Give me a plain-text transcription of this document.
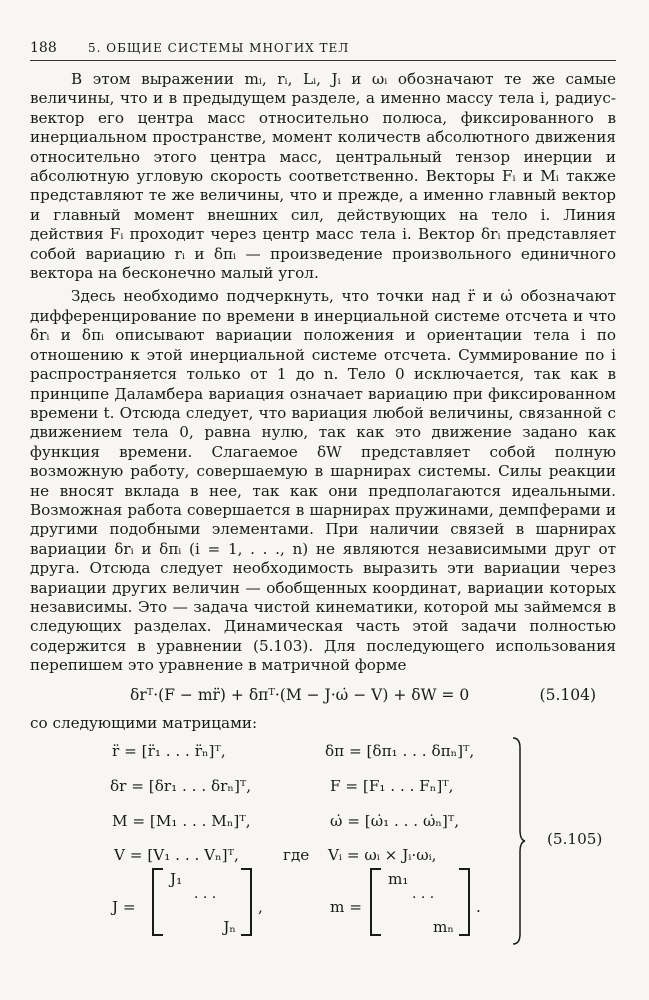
188	5. ОБЩИЕ СИСТЕМЫ МНОГИХ ТЕЛ

В этом выражении mᵢ, rᵢ, Lᵢ, Jᵢ и ωᵢ обозначают те же самые величины, что и в предыдущем разделе, а именно массу тела i, радиус-вектор его центра масс относительно полюса, фиксированного в инерциальном пространстве, момент количеств абсолютного движения относительно этого центра масс, центральный тензор инерции и абсолютную угловую скорость соответственно. Векторы Fᵢ и Mᵢ также представляют те же величины, что и прежде, а именно главный вектор и главный момент внешних сил, действующих на тело i. Линия действия Fᵢ проходит через центр масс тела i. Вектор δrᵢ представляет собой вариацию rᵢ и δπᵢ — произведение произвольного единичного вектора на бесконечно малый угол.

Здесь необходимо подчеркнуть, что точки над r̈ и ω̇ обозначают дифференцирование по времени в инерциальной системе отсчета и что δrᵢ и δπᵢ описывают вариации положения и ориентации тела i по отношению к этой инерциальной системе отсчета. Суммирование по i распространяется только от 1 до n. Тело 0 исключается, так как в принципе Даламбера вариация означает вариацию при фиксированном времени t. Отсюда следует, что вариация любой величины, связанной с движением тела 0, равна нулю, так как это движение задано как функция времени. Слагаемое δW представляет собой полную возможную работу, совершаемую в шарнирах системы. Силы реакции не вносят вклада в нее, так как они предполагаются идеальными. Возможная работа совершается в шарнирах пружинами, демпферами и другими подобными элементами. При наличии связей в шарнирах вариации δrᵢ и δπᵢ (i = 1, . . ., n) не являются независимыми друг от друга. Отсюда следует необходимость выразить эти вариации через вариации других величин — обобщенных координат, вариации которых независимы. Это — задача чистой кинематики, которой мы займемся в следующих разделах. Динамическая часть этой задачи полностью содержится в уравнении (5.103). Для последующего использования перепишем это уравнение в матричной форме

δrᵀ·(F − mr̈) + δπᵀ·(M − J·ω̇ − V) + δW = 0	(5.104)
со следующими матрицами:
r̈ = [r̈₁ . . . r̈ₙ]ᵀ,	δπ = [δπ₁ . . . δπₙ]ᵀ,
δr = [δr₁ . . . δrₙ]ᵀ,	F = [F₁ . . . Fₙ]ᵀ,
M = [M₁ . . . Mₙ]ᵀ,	ω̇ = [ω̇₁ . . . ω̇ₙ]ᵀ,
V = [V₁ . . . Vₙ]ᵀ,	где Vᵢ = ωᵢ × Jᵢ·ωᵢ,
J =
J₁
· · ·
Jₙ
,	m =
m₁
· · ·
mₙ
.
(5.105)
